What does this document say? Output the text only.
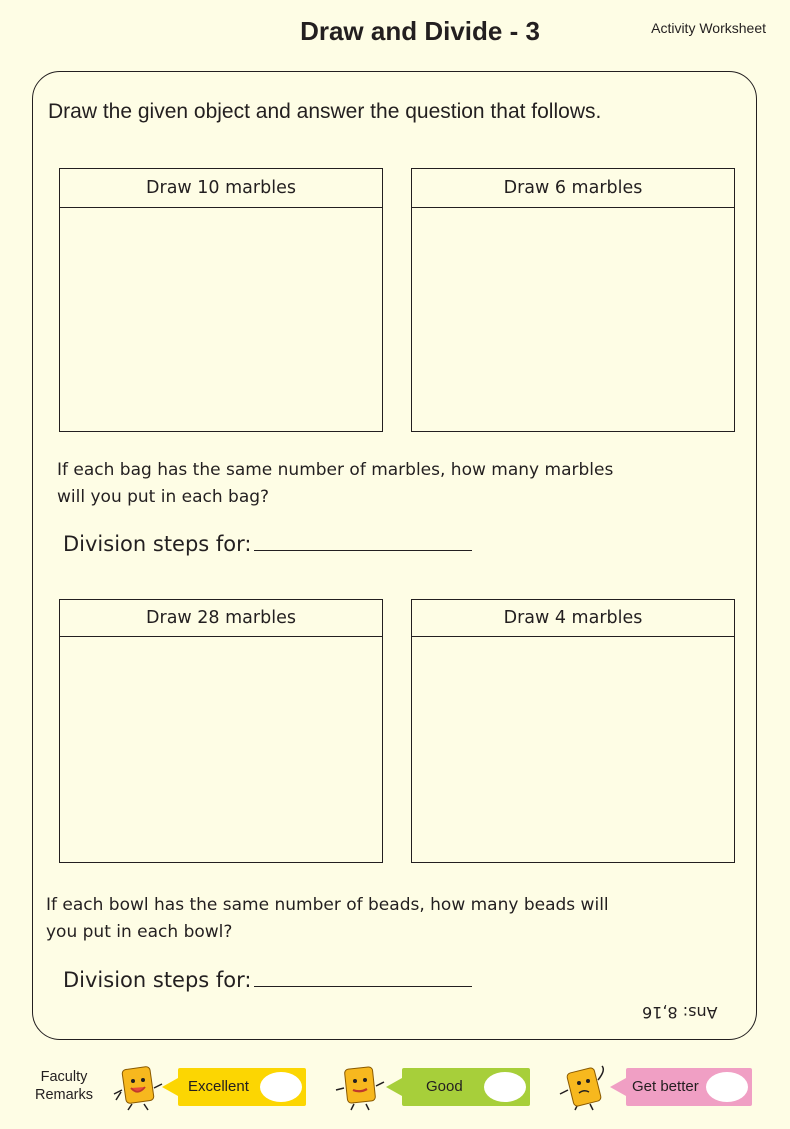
Draw and Divide - 3	Activity Worksheet
Draw the given object and answer the question that follows.
Draw 10 marbles	Draw 6 marbles
If each bag has the same number of marbles, how many marbles
will you put in each bag?
Division steps for:
Draw 28 marbles	Draw 4 marbles
If each bowl has the same number of beads, how many beads will
you put in each bowl?
Division steps for:
Ans: 8,16
Faculty
Remarks	Excellent	Good	Get better
